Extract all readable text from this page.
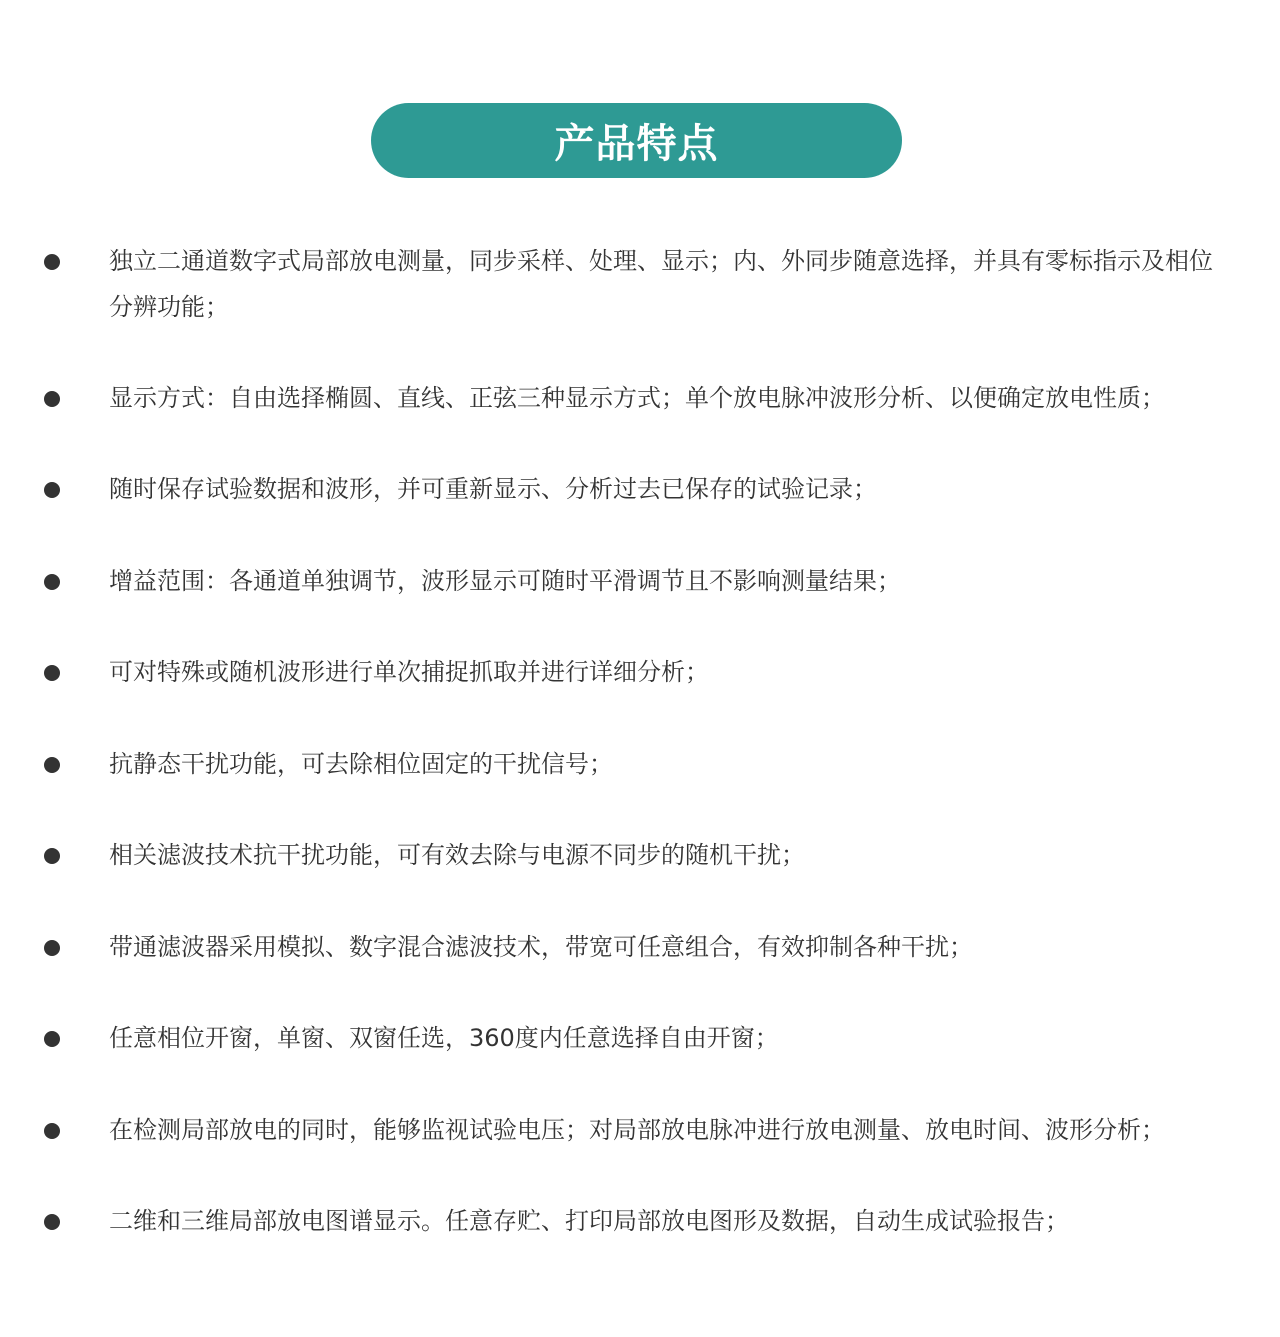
产品特点
独立二通道数字式局部放电测量，同步采样、处理、显示；内、外同步随意选择，并具有零标指示及相位分辨功能；
显示方式：自由选择椭圆、直线、正弦三种显示方式；单个放电脉冲波形分析、以便确定放电性质；
随时保存试验数据和波形，并可重新显示、分析过去已保存的试验记录；
增益范围：各通道单独调节，波形显示可随时平滑调节且不影响测量结果；
可对特殊或随机波形进行单次捕捉抓取并进行详细分析；
抗静态干扰功能，可去除相位固定的干扰信号；
相关滤波技术抗干扰功能，可有效去除与电源不同步的随机干扰；
带通滤波器采用模拟、数字混合滤波技术，带宽可任意组合，有效抑制各种干扰；
任意相位开窗，单窗、双窗任选，360度内任意选择自由开窗；
在检测局部放电的同时，能够监视试验电压；对局部放电脉冲进行放电测量、放电时间、波形分析；
二维和三维局部放电图谱显示。任意存贮、打印局部放电图形及数据，自动生成试验报告；
